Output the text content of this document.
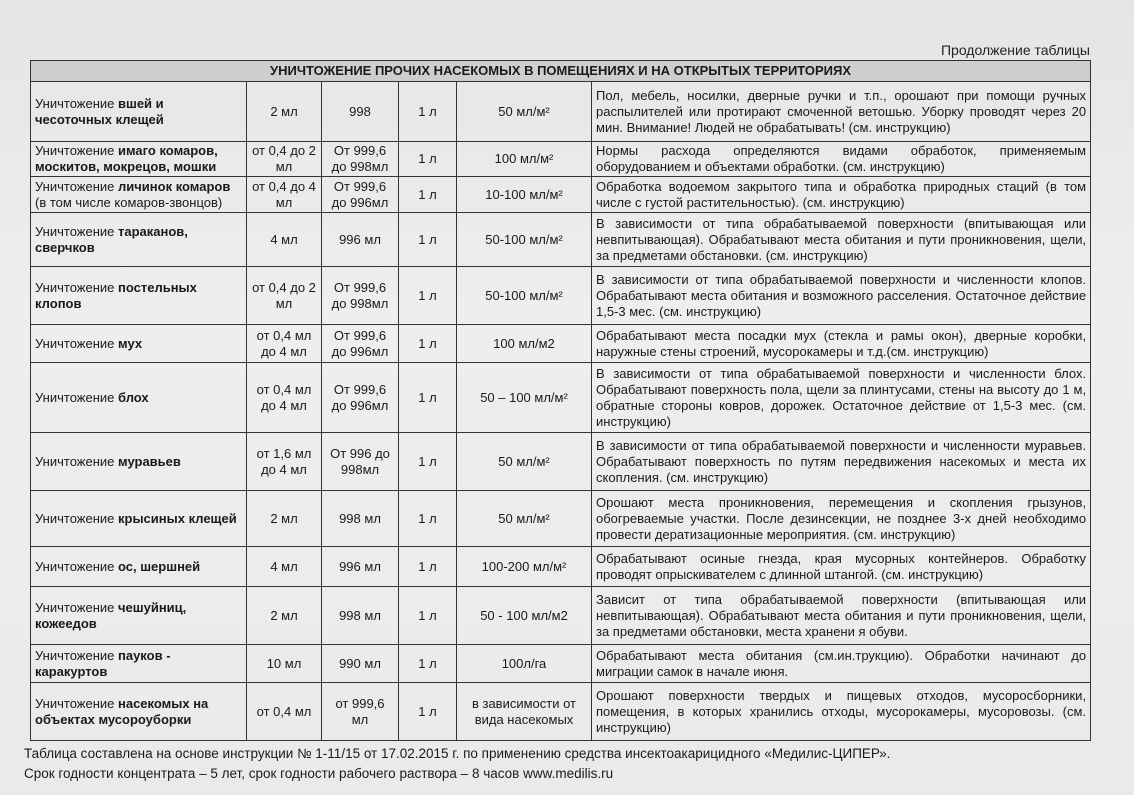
Продолжение таблицы
УНИЧТОЖЕНИЕ ПРОЧИХ НАСЕКОМЫХ В ПОМЕЩЕНИЯХ И НА ОТКРЫТЫХ ТЕРРИТОРИЯХ					
Уничтожение вшей и чесоточных клещей	2 мл	998	1 л	50 мл/м²	Пол, мебель, носилки, дверные ручки и т.п., орошают при помощи ручных распылителей или протирают смоченной ветошью. Уборку проводят через 20 мин. Внимание! Людей не обрабатывать! (см. инструкцию)
Уничтожение имаго комаров, москитов, мокрецов, мошки	от 0,4 до 2 мл	От 999,6 до 998мл	1 л	100 мл/м²	Нормы расхода определяются видами обработок, применяемым оборудованием и объектами обработки. (см. инструкцию)
Уничтожение личинок комаров (в том числе комаров-звонцов)	от 0,4 до 4 мл	От 999,6 до 996мл	1 л	10-100 мл/м²	Обработка водоемом закрытого типа и обработка природных стаций (в том числе с густой растительностью). (см. инструкцию)
Уничтожение тараканов, сверчков	4 мл	996 мл	1 л	50-100 мл/м²	В зависимости от типа обрабатываемой поверхности (впитывающая или невпитывающая). Обрабатывают места обитания и пути проникновения, щели, за предметами обстановки. (см. инструкцию)
Уничтожение постельных клопов	от 0,4 до 2 мл	От 999,6 до 998мл	1 л	50-100 мл/м²	В зависимости от типа обрабатываемой поверхности и численности клопов. Обрабатывают места обитания и возможного расселения. Остаточное действие 1,5-3 мес. (см. инструкцию)
Уничтожение мух	от 0,4 мл до 4 мл	От 999,6 до 996мл	1 л	100 мл/м2	Обрабатывают места посадки мух (стекла и рамы окон), дверные коробки, наружные стены строений, мусорокамеры и т.д.(см. инструкцию)
Уничтожение блох	от 0,4 мл до 4 мл	От 999,6 до 996мл	1 л	50 – 100 мл/м²	В зависимости от типа обрабатываемой поверхности и численности блох. Обрабатывают поверхность пола, щели за плинтусами, стены на высоту до 1 м, обратные стороны ковров, дорожек. Остаточное действие от 1,5-3 мес. (см. инструкцию)
Уничтожение муравьев	от 1,6 мл до 4 мл	От 996 до 998мл	1 л	50 мл/м²	В зависимости от типа обрабатываемой поверхности и численности муравьев. Обрабатывают поверхность по путям передвижения насекомых и места их скопления. (см. инструкцию)
Уничтожение крысиных клещей	2 мл	998 мл	1 л	50 мл/м²	Орошают места проникновения, перемещения и скопления грызунов, обогреваемые участки. После дезинсекции, не позднее 3-х дней необходимо провести дератизационные мероприятия. (см. инструкцию)
Уничтожение ос, шершней	4 мл	996 мл	1 л	100-200 мл/м²	Обрабатывают осиные гнезда, края мусорных контейнеров. Обработку проводят опрыскивателем с длинной штангой. (см. инструкцию)
Уничтожение чешуйниц, кожеедов	2 мл	998 мл	1 л	50 - 100 мл/м2	Зависит от типа обрабатываемой поверхности (впитывающая или невпитывающая). Обрабатывают места обитания и пути проникновения, щели, за предметами обстановки, места хранени я обуви.
Уничтожение пауков - каракуртов	10 мл	990 мл	1 л	100л/га	Обрабатывают места обитания (см.ин.трукцию). Обработки начинают до миграции самок в начале июня.
Уничтожение насекомых на объектах мусороуборки	от 0,4 мл	от 999,6 мл	1 л	в зависимости от вида насекомых	Орошают поверхности твердых и пищевых отходов, мусоросборники, помещения, в которых хранились отходы, мусорокамеры, мусоровозы. (см. инструкцию)
Таблица составлена на основе инструкции № 1-11/15 от 17.02.2015 г. по применению средства инсектоакарицидного «Медилис-ЦИПЕР».
Срок годности концентрата – 5 лет, срок годности рабочего раствора – 8 часов www.medilis.ru
